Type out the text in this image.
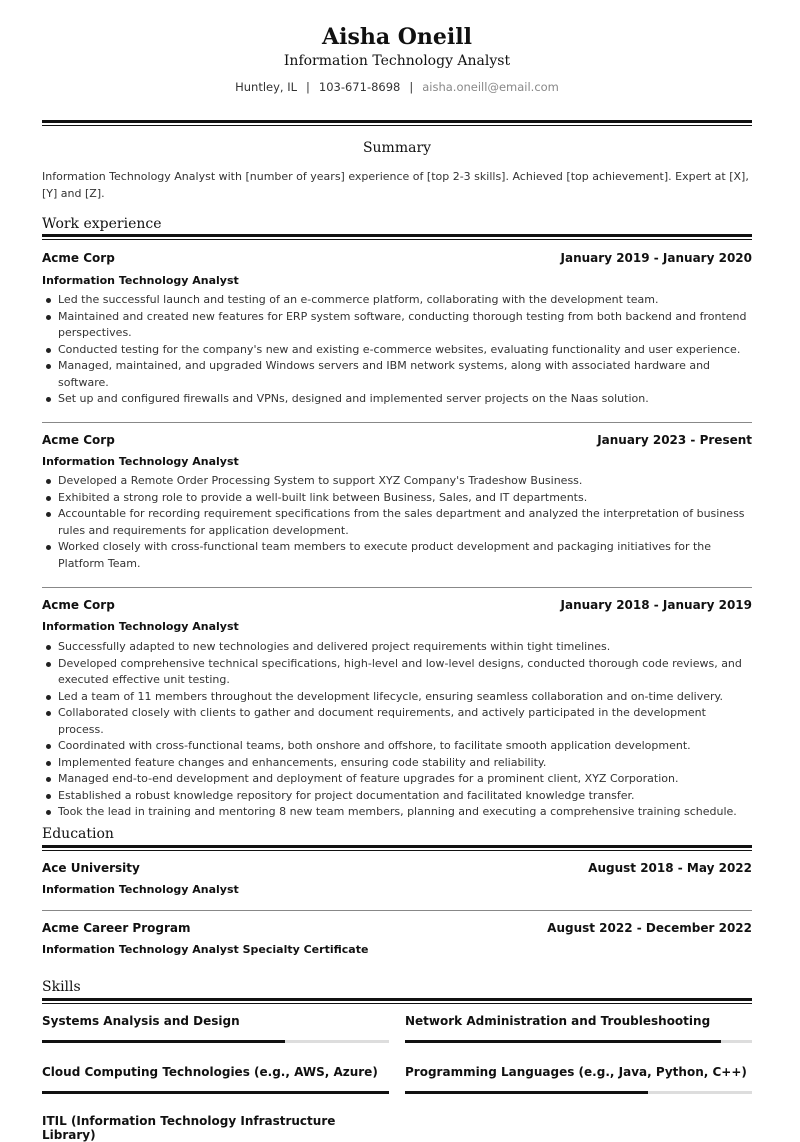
Aisha Oneill
Information Technology Analyst
Huntley, IL | 103-671-8698 | aisha.oneill@email.com
Summary
Information Technology Analyst with [number of years] experience of [top 2-3 skills]. Achieved [top achievement]. Expert at [X], [Y] and [Z].
Work experience
Acme Corp	January 2019 - January 2020
Information Technology Analyst
Led the successful launch and testing of an e-commerce platform, collaborating with the development team.
Maintained and created new features for ERP system software, conducting thorough testing from both backend and frontend perspectives.
Conducted testing for the company's new and existing e-commerce websites, evaluating functionality and user experience.
Managed, maintained, and upgraded Windows servers and IBM network systems, along with associated hardware and software.
Set up and configured firewalls and VPNs, designed and implemented server projects on the Naas solution.
Acme Corp	January 2023 - Present
Information Technology Analyst
Developed a Remote Order Processing System to support XYZ Company's Tradeshow Business.
Exhibited a strong role to provide a well-built link between Business, Sales, and IT departments.
Accountable for recording requirement specifications from the sales department and analyzed the interpretation of business rules and requirements for application development.
Worked closely with cross-functional team members to execute product development and packaging initiatives for the Platform Team.
Acme Corp	January 2018 - January 2019
Information Technology Analyst
Successfully adapted to new technologies and delivered project requirements within tight timelines.
Developed comprehensive technical specifications, high-level and low-level designs, conducted thorough code reviews, and executed effective unit testing.
Led a team of 11 members throughout the development lifecycle, ensuring seamless collaboration and on-time delivery.
Collaborated closely with clients to gather and document requirements, and actively participated in the development process.
Coordinated with cross-functional teams, both onshore and offshore, to facilitate smooth application development.
Implemented feature changes and enhancements, ensuring code stability and reliability.
Managed end-to-end development and deployment of feature upgrades for a prominent client, XYZ Corporation.
Established a robust knowledge repository for project documentation and facilitated knowledge transfer.
Took the lead in training and mentoring 8 new team members, planning and executing a comprehensive training schedule.
Education
Ace University	August 2018 - May 2022
Information Technology Analyst
Acme Career Program	August 2022 - December 2022
Information Technology Analyst Specialty Certificate
Skills
Systems Analysis and Design	Network Administration and Troubleshooting
Cloud Computing Technologies (e.g., AWS, Azure)	Programming Languages (e.g., Java, Python, C++)
ITIL (Information Technology Infrastructure Library)
